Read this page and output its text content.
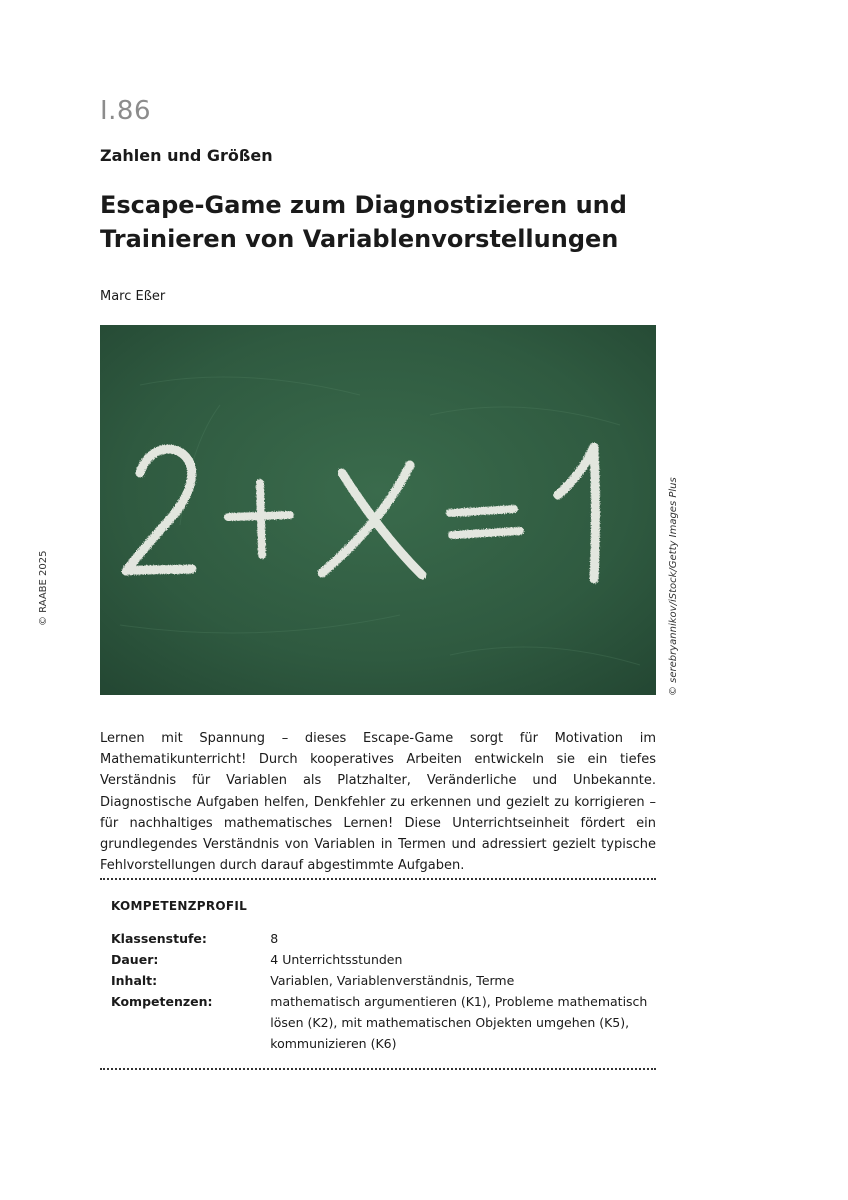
I.86
Zahlen und Größen
Escape-Game zum Diagnostizieren und Trainieren von Variablenvorstellungen
Marc Eßer
© serebryannikov/iStock/Getty Images Plus
© RAABE 2025

Lernen mit Spannung – dieses Escape-Game sorgt für Motivation im Mathematikunterricht! Durch kooperatives Arbeiten entwickeln sie ein tiefes Verständnis für Variablen als Platzhalter, Veränderliche und Unbekannte. Diagnostische Aufgaben helfen, Denkfehler zu erkennen und gezielt zu korrigieren – für nachhaltiges mathematisches Lernen! Diese Unterrichtseinheit fördert ein grundlegendes Verständnis von Variablen in Termen und adressiert gezielt typische Fehlvorstellungen durch darauf abgestimmte Aufgaben.

KOMPETENZPROFIL
Klassenstufe:	8
Dauer:	4 Unterrichtsstunden
Inhalt:	Variablen, Variablenverständnis, Terme
Kompetenzen:	mathematisch argumentieren (K1), Probleme mathematisch lösen (K2), mit mathematischen Objekten umgehen (K5), kommunizieren (K6)
